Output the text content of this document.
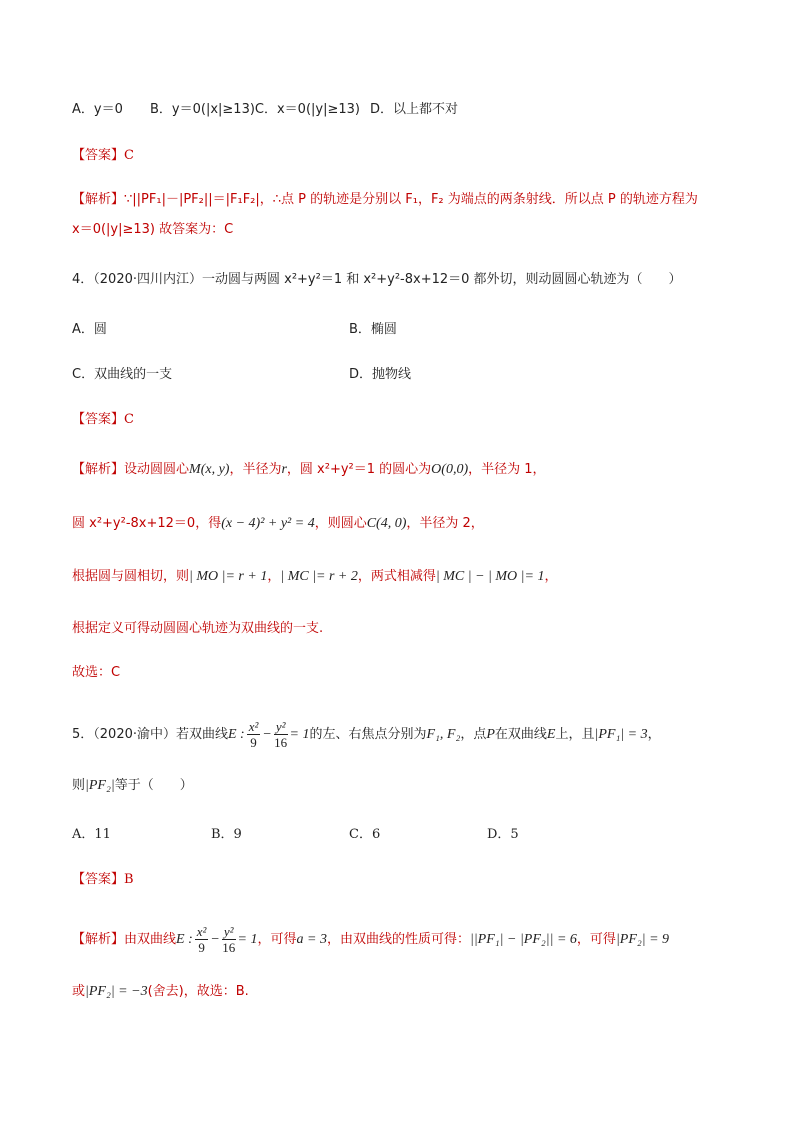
A．y＝0 B．y＝0(|x|≥13)C．x＝0(|y|≥13) D．以上都不对
【答案】C
【解析】∵||PF₁|－|PF₂||＝|F₁F₂|，∴点 P 的轨迹是分别以 F₁，F₂ 为端点的两条射线．所以点 P 的轨迹方程为
x＝0(|y|≥13) 故答案为：C
4．（2020·四川内江）一动圆与两圆 x²+y²＝1 和 x²+y²-8x+12＝0 都外切，则动圆圆心轨迹为（　　）
A．圆	B．椭圆
C．双曲线的一支	D．抛物线
【答案】C
【解析】设动圆圆心M(x, y)，半径为r，圆 x²+y²＝1 的圆心为O(0,0)，半径为 1，
圆 x²+y²-8x+12＝0，得(x − 4)² + y² = 4，则圆心C(4, 0)，半径为 2，
根据圆与圆相切，则| MO |= r + 1，| MC |= r + 2，两式相减得| MC | − | MO |= 1，
根据定义可得动圆圆心轨迹为双曲线的一支.
故选：C
5．（2020·渝中）若双曲线E : $\frac{\text{x²}}{9} - \frac{\text{y²}}{16} = 1$的左、右焦点分别为F₁, F₂，点P在双曲线E上，且|PF₁| = 3，
则|PF₂|等于（　　）
A．11	B．9	C．6	D．5
【答案】B
【解析】由双曲线E : $\frac{\text{x²}}{9} - \frac{\text{y²}}{16} = 1$，可得a = 3，由双曲线的性质可得：||PF₁| − |PF₂|| = 6，可得|PF₂| = 9
或|PF₂| = −3(舍去)，故选：B.
